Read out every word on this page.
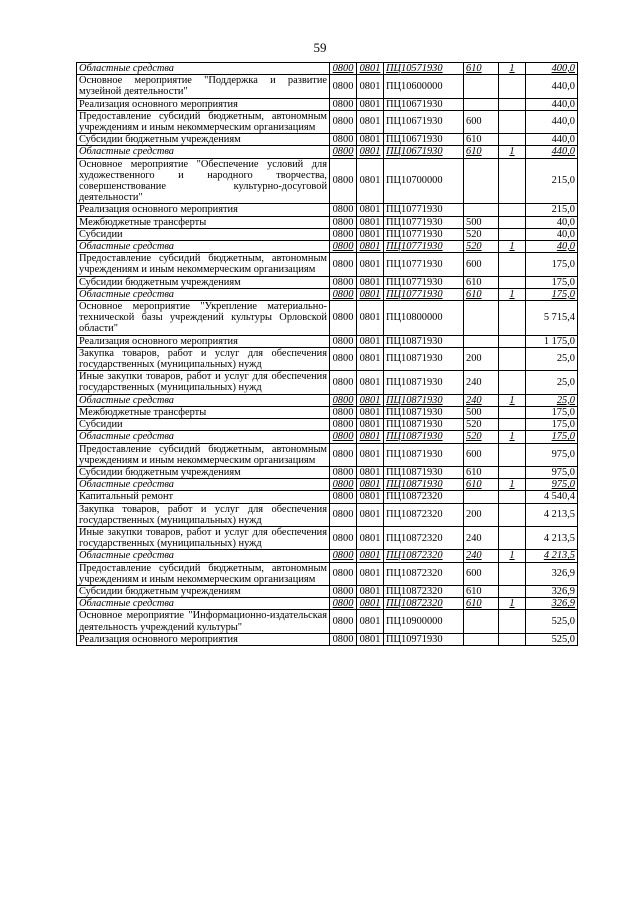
59
Областные средства	0800	0801	ПЦ10571930	610	1	400,0
Основное мероприятие "Поддержка и развитие музейной деятельности"	0800	0801	ПЦ10600000			440,0
Реализация основного мероприятия	0800	0801	ПЦ10671930			440,0
Предоставление субсидий бюджетным, автономным учреждениям и иным некоммерческим организациям	0800	0801	ПЦ10671930	600		440,0
Субсидии бюджетным учреждениям	0800	0801	ПЦ10671930	610		440,0
Областные средства	0800	0801	ПЦ10671930	610	1	440,0
Основное мероприятие "Обеспечение условий для художественного и народного творчества, совершенствование культурно-досуговой деятельности"	0800	0801	ПЦ10700000			215,0
Реализация основного мероприятия	0800	0801	ПЦ10771930			215,0
Межбюджетные трансферты	0800	0801	ПЦ10771930	500		40,0
Субсидии	0800	0801	ПЦ10771930	520		40,0
Областные средства	0800	0801	ПЦ10771930	520	1	40,0
Предоставление субсидий бюджетным, автономным учреждениям и иным некоммерческим организациям	0800	0801	ПЦ10771930	600		175,0
Субсидии бюджетным учреждениям	0800	0801	ПЦ10771930	610		175,0
Областные средства	0800	0801	ПЦ10771930	610	1	175,0
Основное мероприятие "Укрепление материально-технической базы учреждений культуры Орловской области"	0800	0801	ПЦ10800000			5 715,4
Реализация основного мероприятия	0800	0801	ПЦ10871930			1 175,0
Закупка товаров, работ и услуг для обеспечения государственных (муниципальных) нужд	0800	0801	ПЦ10871930	200		25,0
Иные закупки товаров, работ и услуг для обеспечения государственных (муниципальных) нужд	0800	0801	ПЦ10871930	240		25,0
Областные средства	0800	0801	ПЦ10871930	240	1	25,0
Межбюджетные трансферты	0800	0801	ПЦ10871930	500		175,0
Субсидии	0800	0801	ПЦ10871930	520		175,0
Областные средства	0800	0801	ПЦ10871930	520	1	175,0
Предоставление субсидий бюджетным, автономным учреждениям и иным некоммерческим организациям	0800	0801	ПЦ10871930	600		975,0
Субсидии бюджетным учреждениям	0800	0801	ПЦ10871930	610		975,0
Областные средства	0800	0801	ПЦ10871930	610	1	975,0
Капитальный ремонт	0800	0801	ПЦ10872320			4 540,4
Закупка товаров, работ и услуг для обеспечения государственных (муниципальных) нужд	0800	0801	ПЦ10872320	200		4 213,5
Иные закупки товаров, работ и услуг для обеспечения государственных (муниципальных) нужд	0800	0801	ПЦ10872320	240		4 213,5
Областные средства	0800	0801	ПЦ10872320	240	1	4 213,5
Предоставление субсидий бюджетным, автономным учреждениям и иным некоммерческим организациям	0800	0801	ПЦ10872320	600		326,9
Субсидии бюджетным учреждениям	0800	0801	ПЦ10872320	610		326,9
Областные средства	0800	0801	ПЦ10872320	610	1	326,9
Основное мероприятие "Информационно-издательская деятельность учреждений культуры"	0800	0801	ПЦ10900000			525,0
Реализация основного мероприятия	0800	0801	ПЦ10971930			525,0
